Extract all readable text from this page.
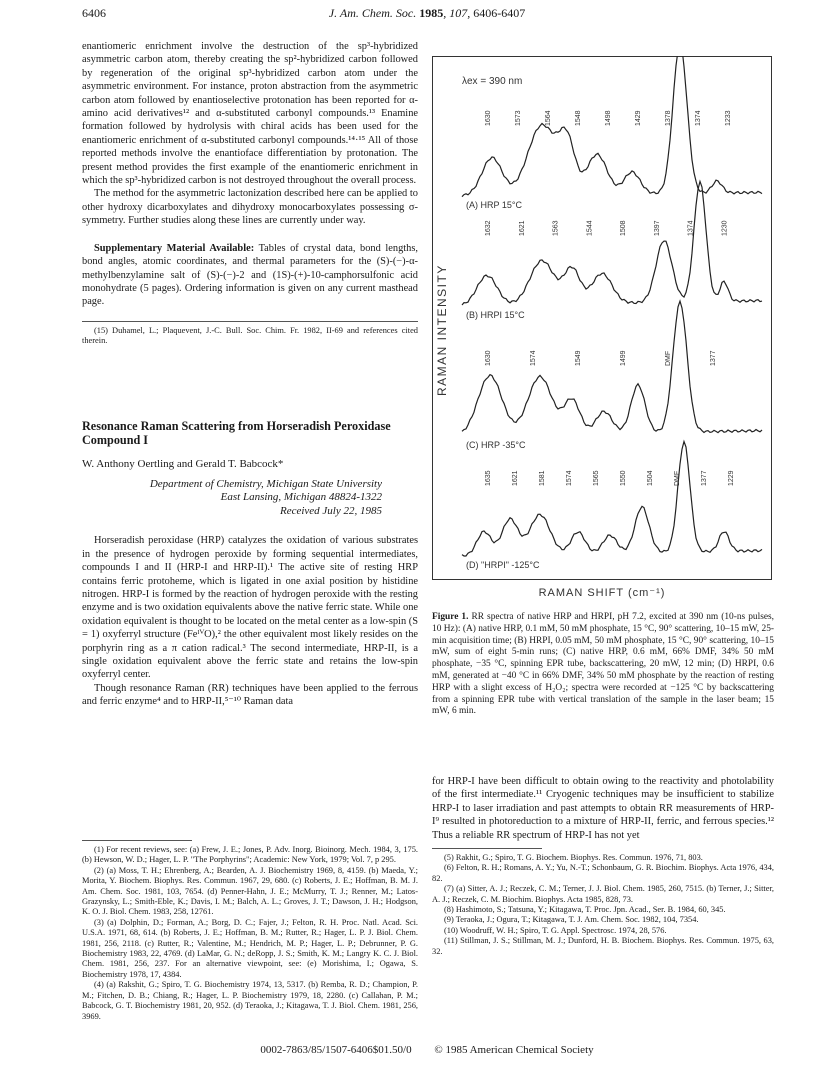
6406	J. Am. Chem. Soc. 1985, 107, 6406-6407

enantiomeric enrichment involve the destruction of the sp³-hybridized asymmetric carbon atom, thereby creating the sp²-hybridized carbon followed by regeneration of the original sp³-hybridized carbon atom under the asymmetric environment. For instance, proton abstraction from the asymmetric carbon atom followed by enantioselective protonation has been reported for α-amino acid derivatives¹² and α-substituted carbonyl compounds.¹³ Enamine formation followed by hydrolysis with chiral acids has been used for the enantiomeric enrichment of α-substituted carbonyl compounds.¹⁴·¹⁵ All of those reported methods involve the enantioface differentiation by protonation. The present method provides the first example of the enantiomeric enrichment in which the sp³-hybridized carbon is not destroyed throughout the overall process.

The method for the asymmetric lactonization described here can be applied to other hydroxy dicarboxylates and dihydroxy monocarboxylates possessing σ-symmetry. Further studies along these lines are currently under way.

Supplementary Material Available: Tables of crystal data, bond lengths, bond angles, atomic coordinates, and thermal parameters for the (S)-(−)-α-methylbenzylamine salt of (S)-(−)-2 and (1S)-(+)-10-camphorsulfonic acid monohydrate (5 pages). Ordering information is given on any current masthead page.

(15) Duhamel, L.; Plaquevent, J.-C. Bull. Soc. Chim. Fr. 1982, II-69 and references cited therein.

Resonance Raman Scattering from Horseradish Peroxidase Compound I
W. Anthony Oertling and Gerald T. Babcock*
Department of Chemistry, Michigan State University
East Lansing, Michigan 48824-1322
Received July 22, 1985

Horseradish peroxidase (HRP) catalyzes the oxidation of various substrates in the presence of hydrogen peroxide by forming sequential intermediates, compounds I and II (HRP-I and HRP-II).¹ The active site of resting HRP contains ferric protoheme, which is ligated in one axial position by histidine nitrogen. HRP-I is formed by the reaction of hydrogen peroxide with the resting enzyme and is two oxidation equivalents above the native ferric state. While one oxidation equivalent is thought to be located on the metal center as a low-spin (S = 1) oxyferryl structure (FeᴵⱽO),² the other equivalent most likely resides on the porphyrin ring as a π cation radical.³ The second intermediate, HRP-II, is a single oxidation equivalent above the ferric state and retains the low-spin oxyferryl center.

Though resonance Raman (RR) techniques have been applied to the ferrous and ferric enzyme⁴ and to HRP-II,⁵⁻¹⁰ Raman data

(1) For recent reviews, see: (a) Frew, J. E.; Jones, P. Adv. Inorg. Bioinorg. Mech. 1984, 3, 175. (b) Hewson, W. D.; Hager, L. P. "The Porphyrins"; Academic: New York, 1979; Vol. 7, p 295.

(2) (a) Moss, T. H.; Ehrenberg, A.; Bearden, A. J. Biochemistry 1969, 8, 4159. (b) Maeda, Y.; Morita, Y. Biochem. Biophys. Res. Commun. 1967, 29, 680. (c) Roberts, J. E.; Hoffman, B. M. J. Am. Chem. Soc. 1981, 103, 7654. (d) Penner-Hahn, J. E.; McMurry, T. J.; Renner, M.; Latos-Grazynsky, L.; Smith-Eble, K.; Davis, I. M.; Balch, A. L.; Groves, J. T.; Dawson, J. H.; Hodgson, K. O. J. Biol. Chem. 1983, 258, 12761.

(3) (a) Dolphin, D.; Forman, A.; Borg, D. C.; Fajer, J.; Felton, R. H. Proc. Natl. Acad. Sci. U.S.A. 1971, 68, 614. (b) Roberts, J. E.; Hoffman, B. M.; Rutter, R.; Hager, L. P. J. Biol. Chem. 1981, 256, 2118. (c) Rutter, R.; Valentine, M.; Hendrich, M. P.; Hager, L. P.; Debrunner, P. G. Biochemistry 1983, 22, 4769. (d) LaMar, G. N.; deRopp, J. S.; Smith, K. M.; Langry K. C. J. Biol. Chem. 1981, 256, 237. For an alternative viewpoint, see: (e) Morishima, I.; Ogawa, S. Biochemistry 1978, 17, 4384.

(4) (a) Rakshit, G.; Spiro, T. G. Biochemistry 1974, 13, 5317. (b) Remba, R. D.; Champion, P. M.; Fitchen, D. B.; Chiang, R.; Hager, L. P. Biochemistry 1979, 18, 2280. (c) Callahan, P. M.; Babcock, G. T. Biochemistry 1981, 20, 952. (d) Teraoka, J.; Kitagawa, T. J. Biol. Chem. 1981, 256, 3969.

λex = 390 nm
RAMAN INTENSITY
(A) HRP 15°C
1630	1573	1564	1548	1498	1429	1378	1374	1233
(B) HRPI 15°C
1632	1621	1563	1544	1508	1397	1374	1230
(C) HRP -35°C
1630	1574	1549	1499	DMF	1377
(D) "HRPI" -125°C
1635	1621	1581	1574	1565	1550	1504	DMF	1377	1229
RAMAN SHIFT (cm⁻¹)
Figure 1. RR spectra of native HRP and HRPI, pH 7.2, excited at 390 nm (10-ns pulses, 10 Hz): (A) native HRP, 0.1 mM, 50 mM phosphate, 15 °C, 90° scattering, 10–15 mW, 25-min acquisition time; (B) HRPI, 0.05 mM, 50 mM phosphate, 15 °C, 90° scattering, 10–15 mW, sum of eight 5-min runs; (C) native HRP, 0.6 mM, 66% DMF, 34% 50 mM phosphate, −35 °C, spinning EPR tube, backscattering, 20 mW, 12 min; (D) HRPI, 0.6 mM, generated at −40 °C in 66% DMF, 34% 50 mM phosphate by the reaction of resting HRP with a slight excess of H₂O₂; spectra were recorded at −125 °C by backscattering from a spinning EPR tube with vertical translation of the sample in the laser beam; 15 mW, 6 min.

for HRP-I have been difficult to obtain owing to the reactivity and photolability of the first intermediate.¹¹ Cryogenic techniques may be insufficient to stabilize HRP-I to laser irradiation and past attempts to obtain RR measurements of HRP-I⁹ resulted in photoreduction to a mixture of HRP-II, ferric, and ferrous species.¹² Thus a reliable RR spectrum of HRP-I has not yet

(5) Rakhit, G.; Spiro, T. G. Biochem. Biophys. Res. Commun. 1976, 71, 803.

(6) Felton, R. H.; Romans, A. Y.; Yu, N.-T.; Schonbaum, G. R. Biochim. Biophys. Acta 1976, 434, 82.

(7) (a) Sitter, A. J.; Reczek, C. M.; Terner, J. J. Biol. Chem. 1985, 260, 7515. (b) Terner, J.; Sitter, A. J.; Reczek, C. M. Biochim. Biophys. Acta 1985, 828, 73.

(8) Hashimoto, S.; Tatsuna, Y.; Kitagawa, T. Proc. Jpn. Acad., Ser. B. 1984, 60, 345.

(9) Teraoka, J.; Ogura, T.; Kitagawa, T. J. Am. Chem. Soc. 1982, 104, 7354.

(10) Woodruff, W. H.; Spiro, T. G. Appl. Spectrosc. 1974, 28, 576.

(11) Stillman, J. S.; Stillman, M. J.; Dunford, H. B. Biochem. Biophys. Res. Commun. 1975, 63, 32.

0002-7863/85/1507-6406$01.50/0 © 1985 American Chemical Society
